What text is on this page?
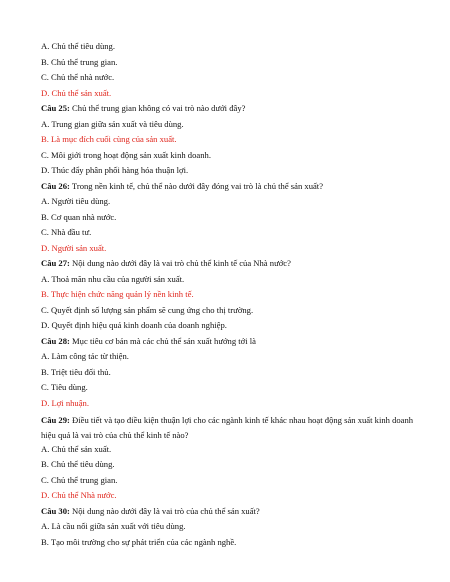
A. Chủ thể tiêu dùng.
B. Chủ thể trung gian.
C. Chủ thể nhà nước.
D. Chủ thể sản xuất.
Câu 25: Chủ thể trung gian không có vai trò nào dưới đây?
A. Trung gian giữa sản xuất và tiêu dùng.
B. Là mục đích cuối cùng của sản xuất.
C. Môi giới trong hoạt động sản xuất kinh doanh.
D. Thúc đẩy phân phối hàng hóa thuận lợi.
Câu 26: Trong nền kinh tế, chủ thể nào dưới đây đóng vai trò là chủ thể sản xuất?
A. Người tiêu dùng.
B. Cơ quan nhà nước.
C. Nhà đầu tư.
D. Người sản xuất.
Câu 27: Nội dung nào dưới đây là vai trò chủ thể kinh tế của Nhà nước?
A. Thoả mãn nhu cầu của người sản xuất.
B. Thực hiện chức năng quản lý nền kinh tế.
C. Quyết định số lượng sản phẩm sẽ cung ứng cho thị trường.
D. Quyết định hiệu quả kinh doanh của doanh nghiệp.
Câu 28: Mục tiêu cơ bản mà các chủ thể sản xuất hướng tới là
A. Làm công tác từ thiện.
B. Triệt tiêu đối thủ.
C. Tiêu dùng.
D. Lợi nhuận.
Câu 29: Điều tiết và tạo điều kiện thuận lợi cho các ngành kinh tế khác nhau hoạt động sản xuất kinh doanh hiệu quả là vai trò của chủ thể kinh tế nào?
A. Chủ thể sản xuất.
B. Chủ thể tiêu dùng.
C. Chủ thể trung gian.
D. Chủ thể Nhà nước.
Câu 30: Nội dung nào dưới đây là vai trò của chủ thể sản xuất?
A. Là cầu nối giữa sản xuất với tiêu dùng.
B. Tạo môi trường cho sự phát triển của các ngành nghề.
